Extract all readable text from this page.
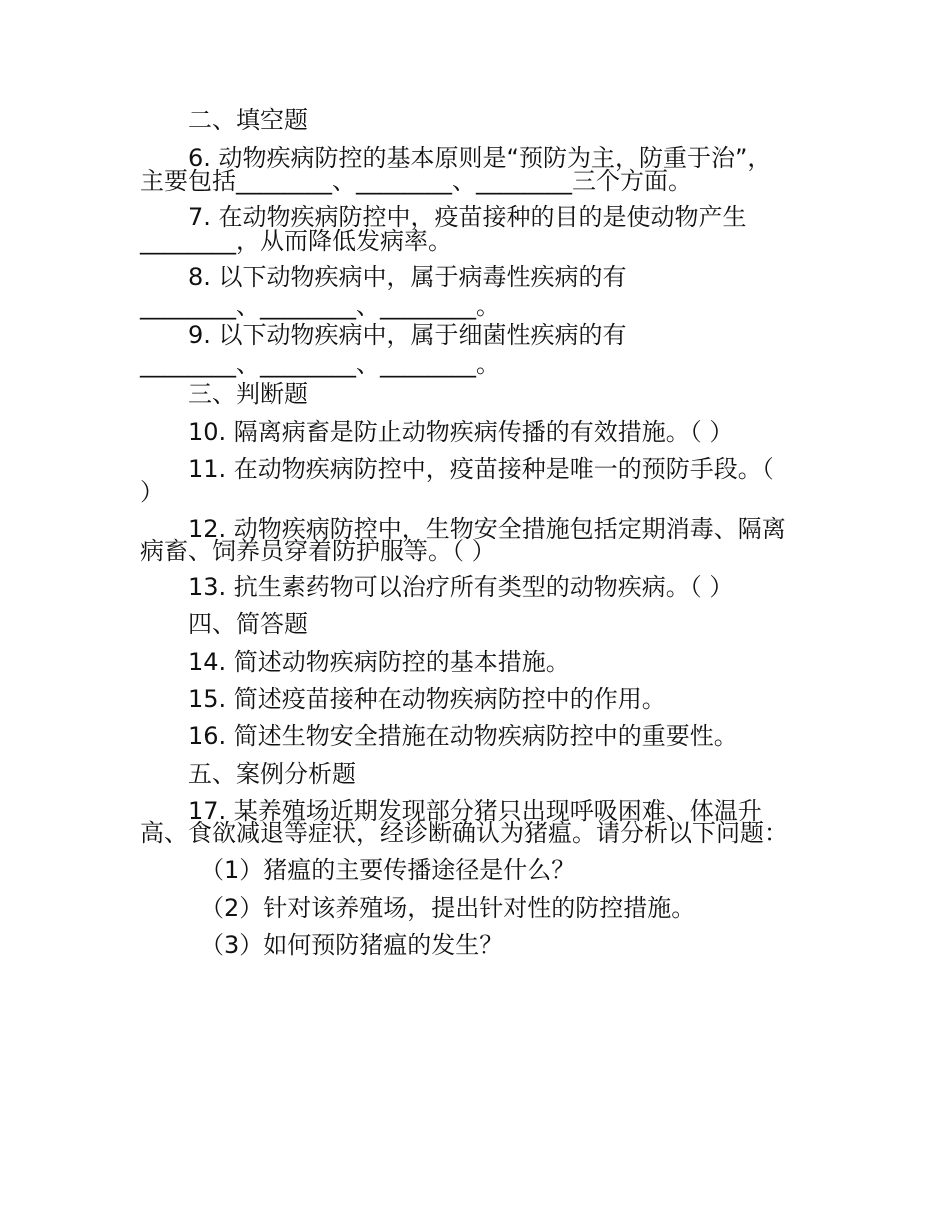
二、填空题
6. 动物疾病防控的基本原则是“预防为主，防重于治”，
主要包括________、________、________三个方面。
7. 在动物疾病防控中，疫苗接种的目的是使动物产生
________，从而降低发病率。
8. 以下动物疾病中，属于病毒性疾病的有
________、________、________。
9. 以下动物疾病中，属于细菌性疾病的有
________、________、________。
三、判断题
10. 隔离病畜是防止动物疾病传播的有效措施。（ ）
11. 在动物疾病防控中，疫苗接种是唯一的预防手段。（
）
12. 动物疾病防控中，生物安全措施包括定期消毒、隔离
病畜、饲养员穿着防护服等。（ ）
13. 抗生素药物可以治疗所有类型的动物疾病。（ ）
四、简答题
14. 简述动物疾病防控的基本措施。
15. 简述疫苗接种在动物疾病防控中的作用。
16. 简述生物安全措施在动物疾病防控中的重要性。
五、案例分析题
17. 某养殖场近期发现部分猪只出现呼吸困难、体温升
高、食欲减退等症状，经诊断确认为猪瘟。请分析以下问题：
（1）猪瘟的主要传播途径是什么？
（2）针对该养殖场，提出针对性的防控措施。
（3）如何预防猪瘟的发生？
